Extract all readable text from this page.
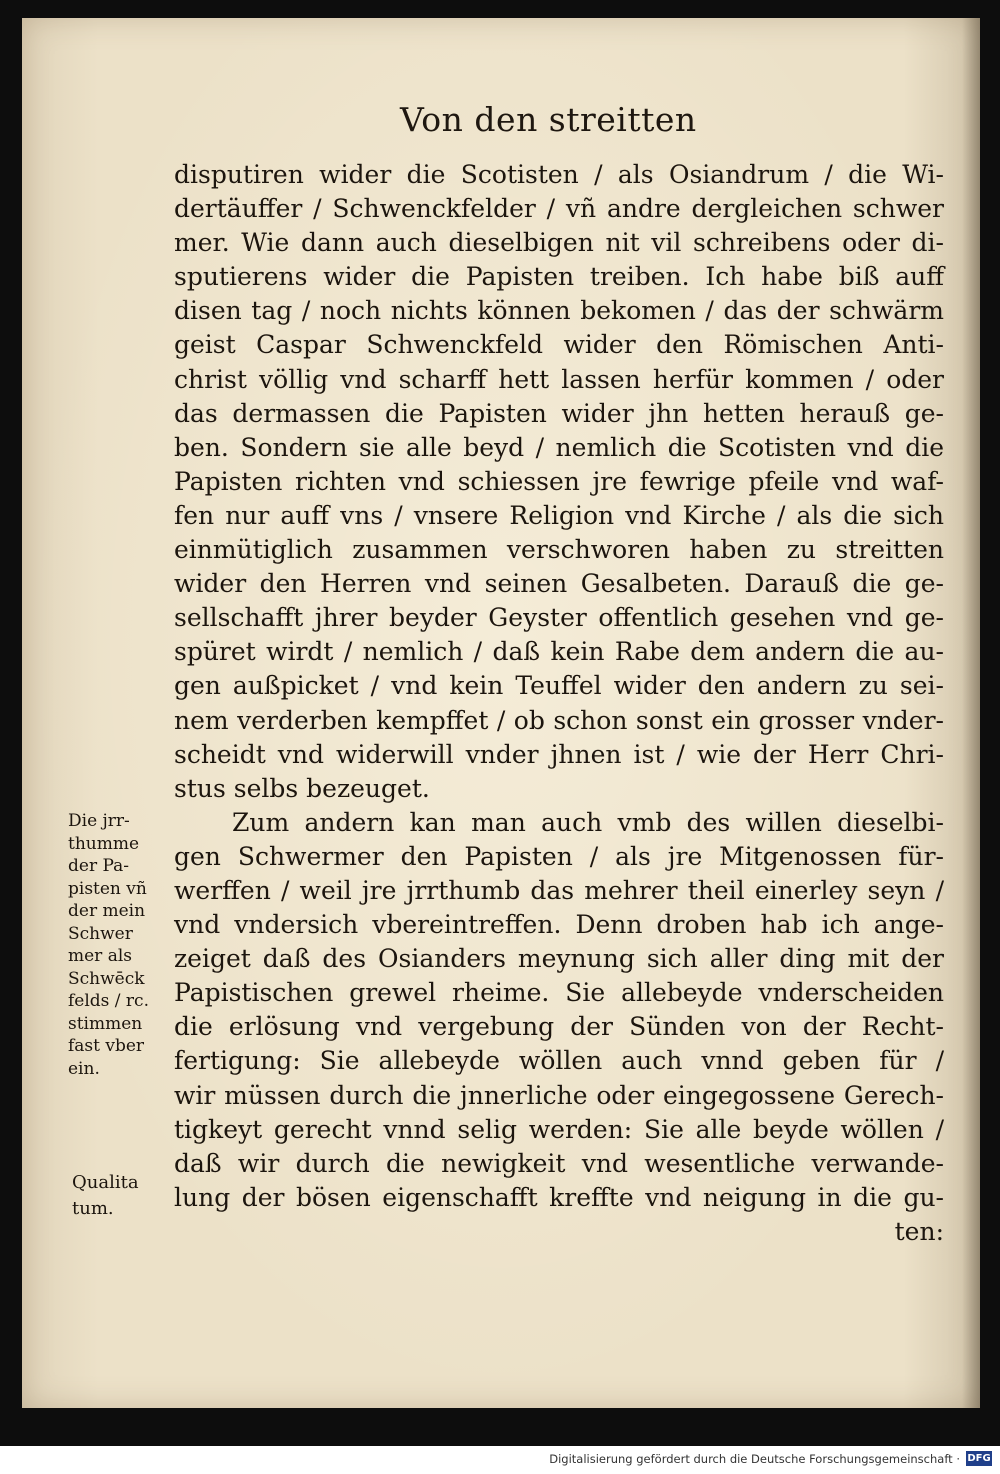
Von den streitten
disputiren wider die Scotisten / als Osiandrum / die Wi-
dertäuffer / Schwenckfelder / vñ andre dergleichen schwer
mer. Wie dann auch dieselbigen nit vil schreibens oder di-
sputierens wider die Papisten treiben. Ich habe biß auff
disen tag / noch nichts können bekomen / das der schwärm
geist Caspar Schwenckfeld wider den Römischen Anti-
christ völlig vnd scharff hett lassen herfür kommen / oder
das dermassen die Papisten wider jhn hetten herauß ge-
ben. Sondern sie alle beyd / nemlich die Scotisten vnd die
Papisten richten vnd schiessen jre fewrige pfeile vnd waf-
fen nur auff vns / vnsere Religion vnd Kirche / als die sich
einmütiglich zusammen verschworen haben zu streitten
wider den Herren vnd seinen Gesalbeten. Darauß die ge-
sellschafft jhrer beyder Geyster offentlich gesehen vnd ge-
spüret wirdt / nemlich / daß kein Rabe dem andern die au-
gen außpicket / vnd kein Teuffel wider den andern zu sei-
nem verderben kempffet / ob schon sonst ein grosser vnder-
scheidt vnd widerwill vnder jhnen ist / wie der Herr Chri-
stus selbs bezeuget.
Zum andern kan man auch vmb des willen dieselbi-
gen Schwermer den Papisten / als jre Mitgenossen für-
werffen / weil jre jrrthumb das mehrer theil einerley seyn /
vnd vndersich vbereintreffen. Denn droben hab ich ange-
zeiget daß des Osianders meynung sich aller ding mit der
Papistischen grewel rheime. Sie allebeyde vnderscheiden
die erlösung vnd vergebung der Sünden von der Recht-
fertigung: Sie allebeyde wöllen auch vnnd geben für /
wir müssen durch die jnnerliche oder eingegossene Gerech-
tigkeyt gerecht vnnd selig werden: Sie alle beyde wöllen /
daß wir durch die newigkeit vnd wesentliche verwande-
lung der bösen eigenschafft kreffte vnd neigung in die gu-
ten:
Die jrr-
thumme
der Pa-
pisten vñ
der mein
Schwer
mer als
Schwēck
felds / rc.
stimmen
fast vber
ein.
Qualita
tum.
Digitalisierung gefördert durch die Deutsche Forschungsgemeinschaft · DFG
